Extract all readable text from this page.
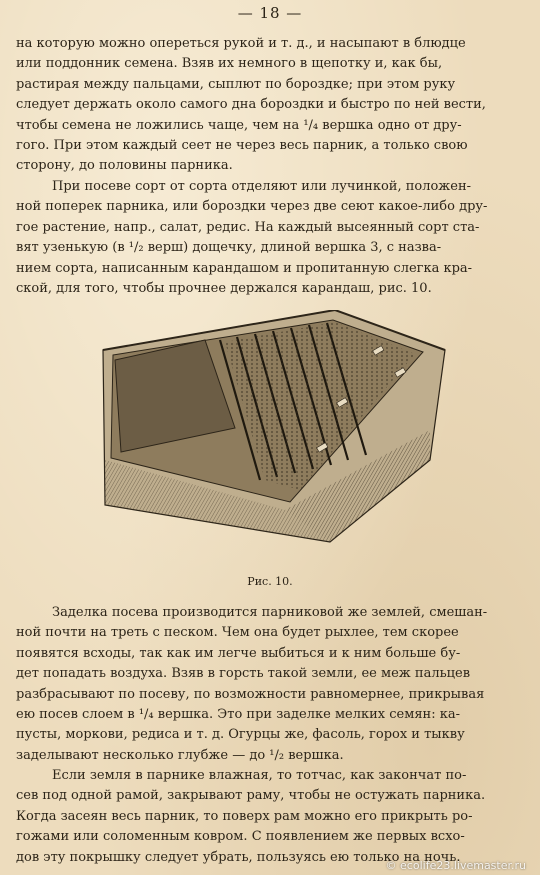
— 18 —
на которую можно опереться рукой и т. д., и насыпают в блюдце
или поддонник семена. Взяв их немного в щепотку и, как бы,
растирая между пальцами, сыплют по бороздке; при этом руку
следует держать около самого дна бороздки и быстро по ней вести,
чтобы семена не ложились чаще, чем на ¹/₄ вершка одно от дру-
гого. При этом каждый сеет не через весь парник, а только свою
сторону, до половины парника.
При посеве сорт от сорта отделяют или лучинкой, положен-
ной поперек парника, или бороздки через две сеют какое-либо дру-
гое растение, напр., салат, редис. На каждый высеянный сорт ста-
вят узенькую (в ¹/₂ верш) дощечку, длиной вершка 3, с назва-
нием сорта, написанным карандашом и пропитанную слегка кра-
ской, для того, чтобы прочнее держался карандаш, рис. 10.
Рис. 10.
Заделка посева производится парниковой же землей, смешан-
ной почти на треть с песком. Чем она будет рыхлее, тем скорее
появятся всходы, так как им легче выбиться и к ним больше бу-
дет попадать воздуха. Взяв в горсть такой земли, ее меж пальцев
разбрасывают по посеву, по возможности равномернее, прикрывая
ею посев слоем в ¹/₄ вершка. Это при заделке мелких семян: ка-
пусты, моркови, редиса и т. д. Огурцы же, фасоль, горох и тыкву
заделывают несколько глубже — до ¹/₂ вершка.
Если земля в парнике влажная, то тотчас, как закончат по-
сев под одной рамой, закрывают раму, чтобы не остужать парника.
Когда засеян весь парник, то поверх рам можно его прикрыть ро-
гожами или соломенным ковром. С появлением же первых всхо-
дов эту покрышку следует убрать, пользуясь ею только на ночь.
© ecolife23.livemaster.ru
